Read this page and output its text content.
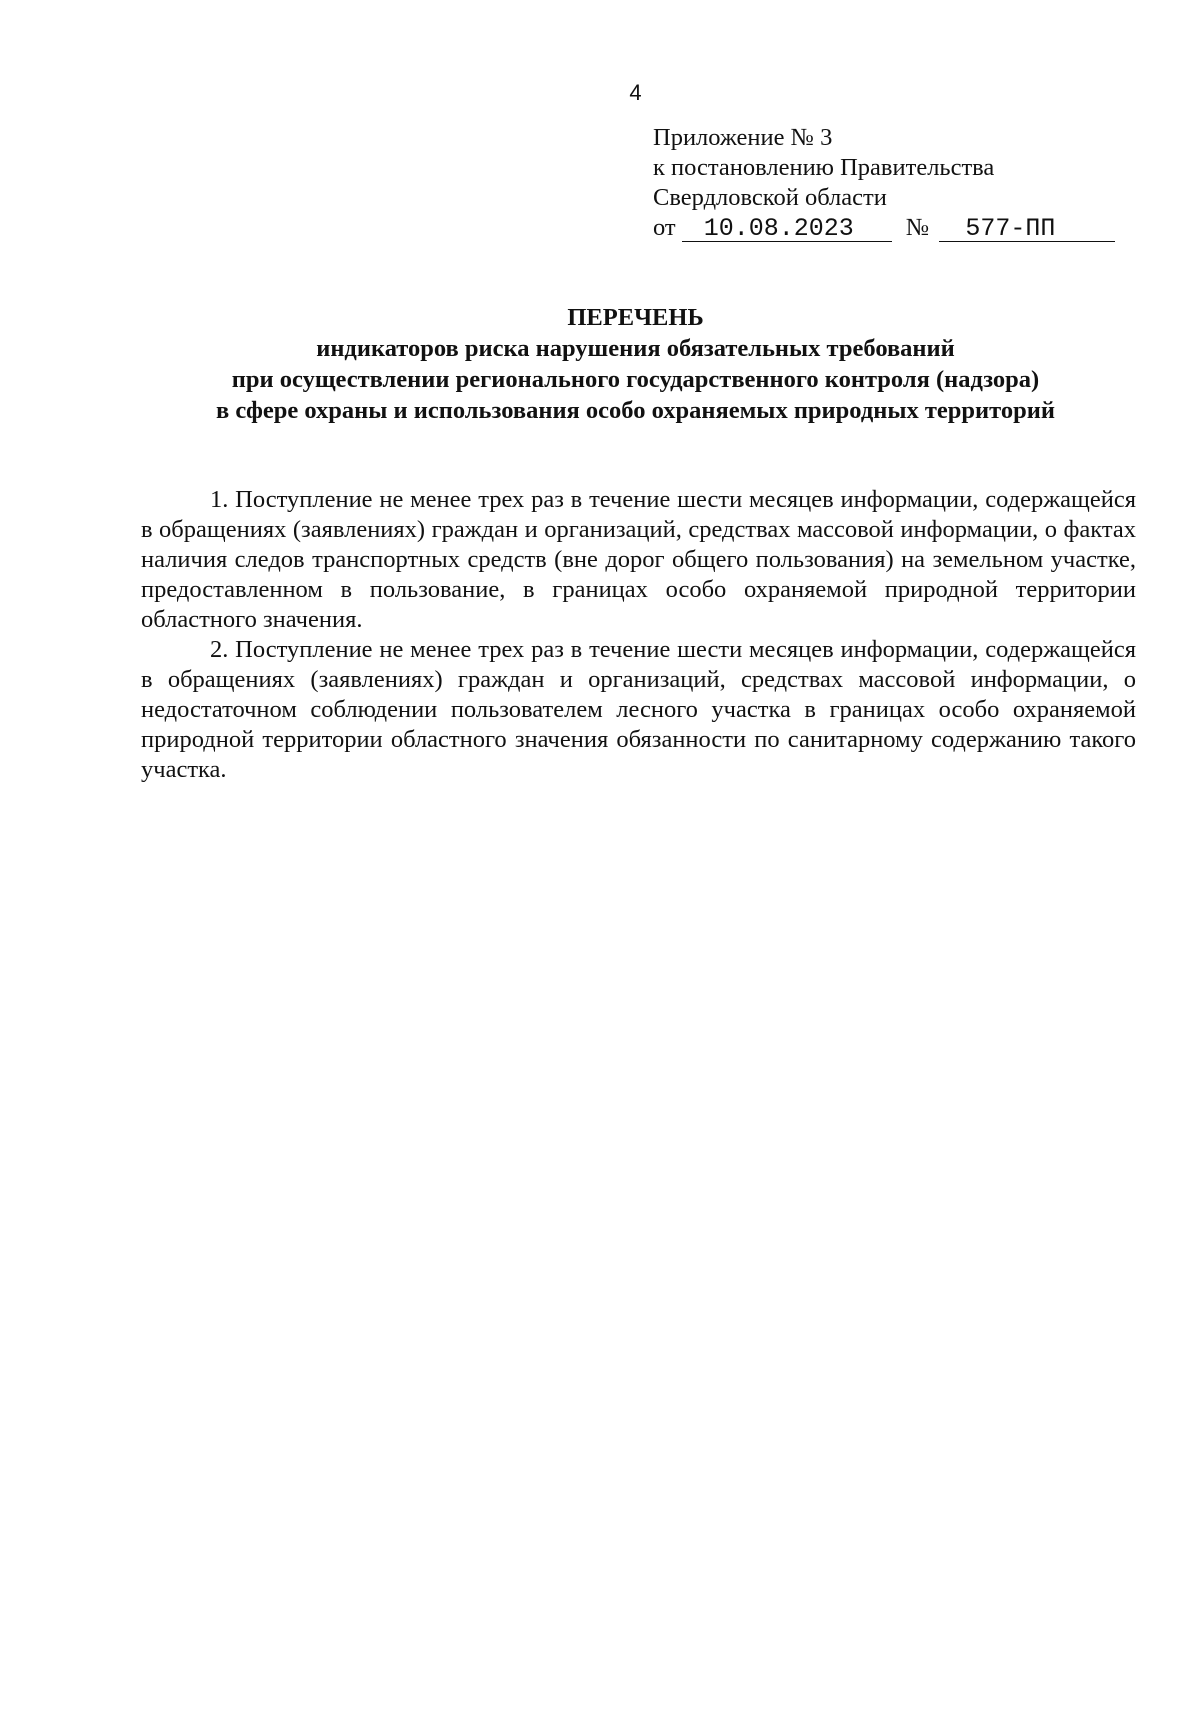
4
Приложение № 3
к постановлению Правительства
Свердловской области
от 10.08.2023 № 577-ПП
ПЕРЕЧЕНЬ
индикаторов риска нарушения обязательных требований
при осуществлении регионального государственного контроля (надзора)
в сфере охраны и использования особо охраняемых природных территорий

1. Поступление не менее трех раз в течение шести месяцев информации, содержащейся в обращениях (заявлениях) граждан и организаций, средствах массовой информации, о фактах наличия следов транспортных средств (вне дорог общего пользования) на земельном участке, предоставленном в пользование, в границах особо охраняемой природной территории областного значения.

2. Поступление не менее трех раз в течение шести месяцев информации, содержащейся в обращениях (заявлениях) граждан и организаций, средствах массовой информации, о недостаточном соблюдении пользователем лесного участка в границах особо охраняемой природной территории областного значения обязанности по санитарному содержанию такого участка.
